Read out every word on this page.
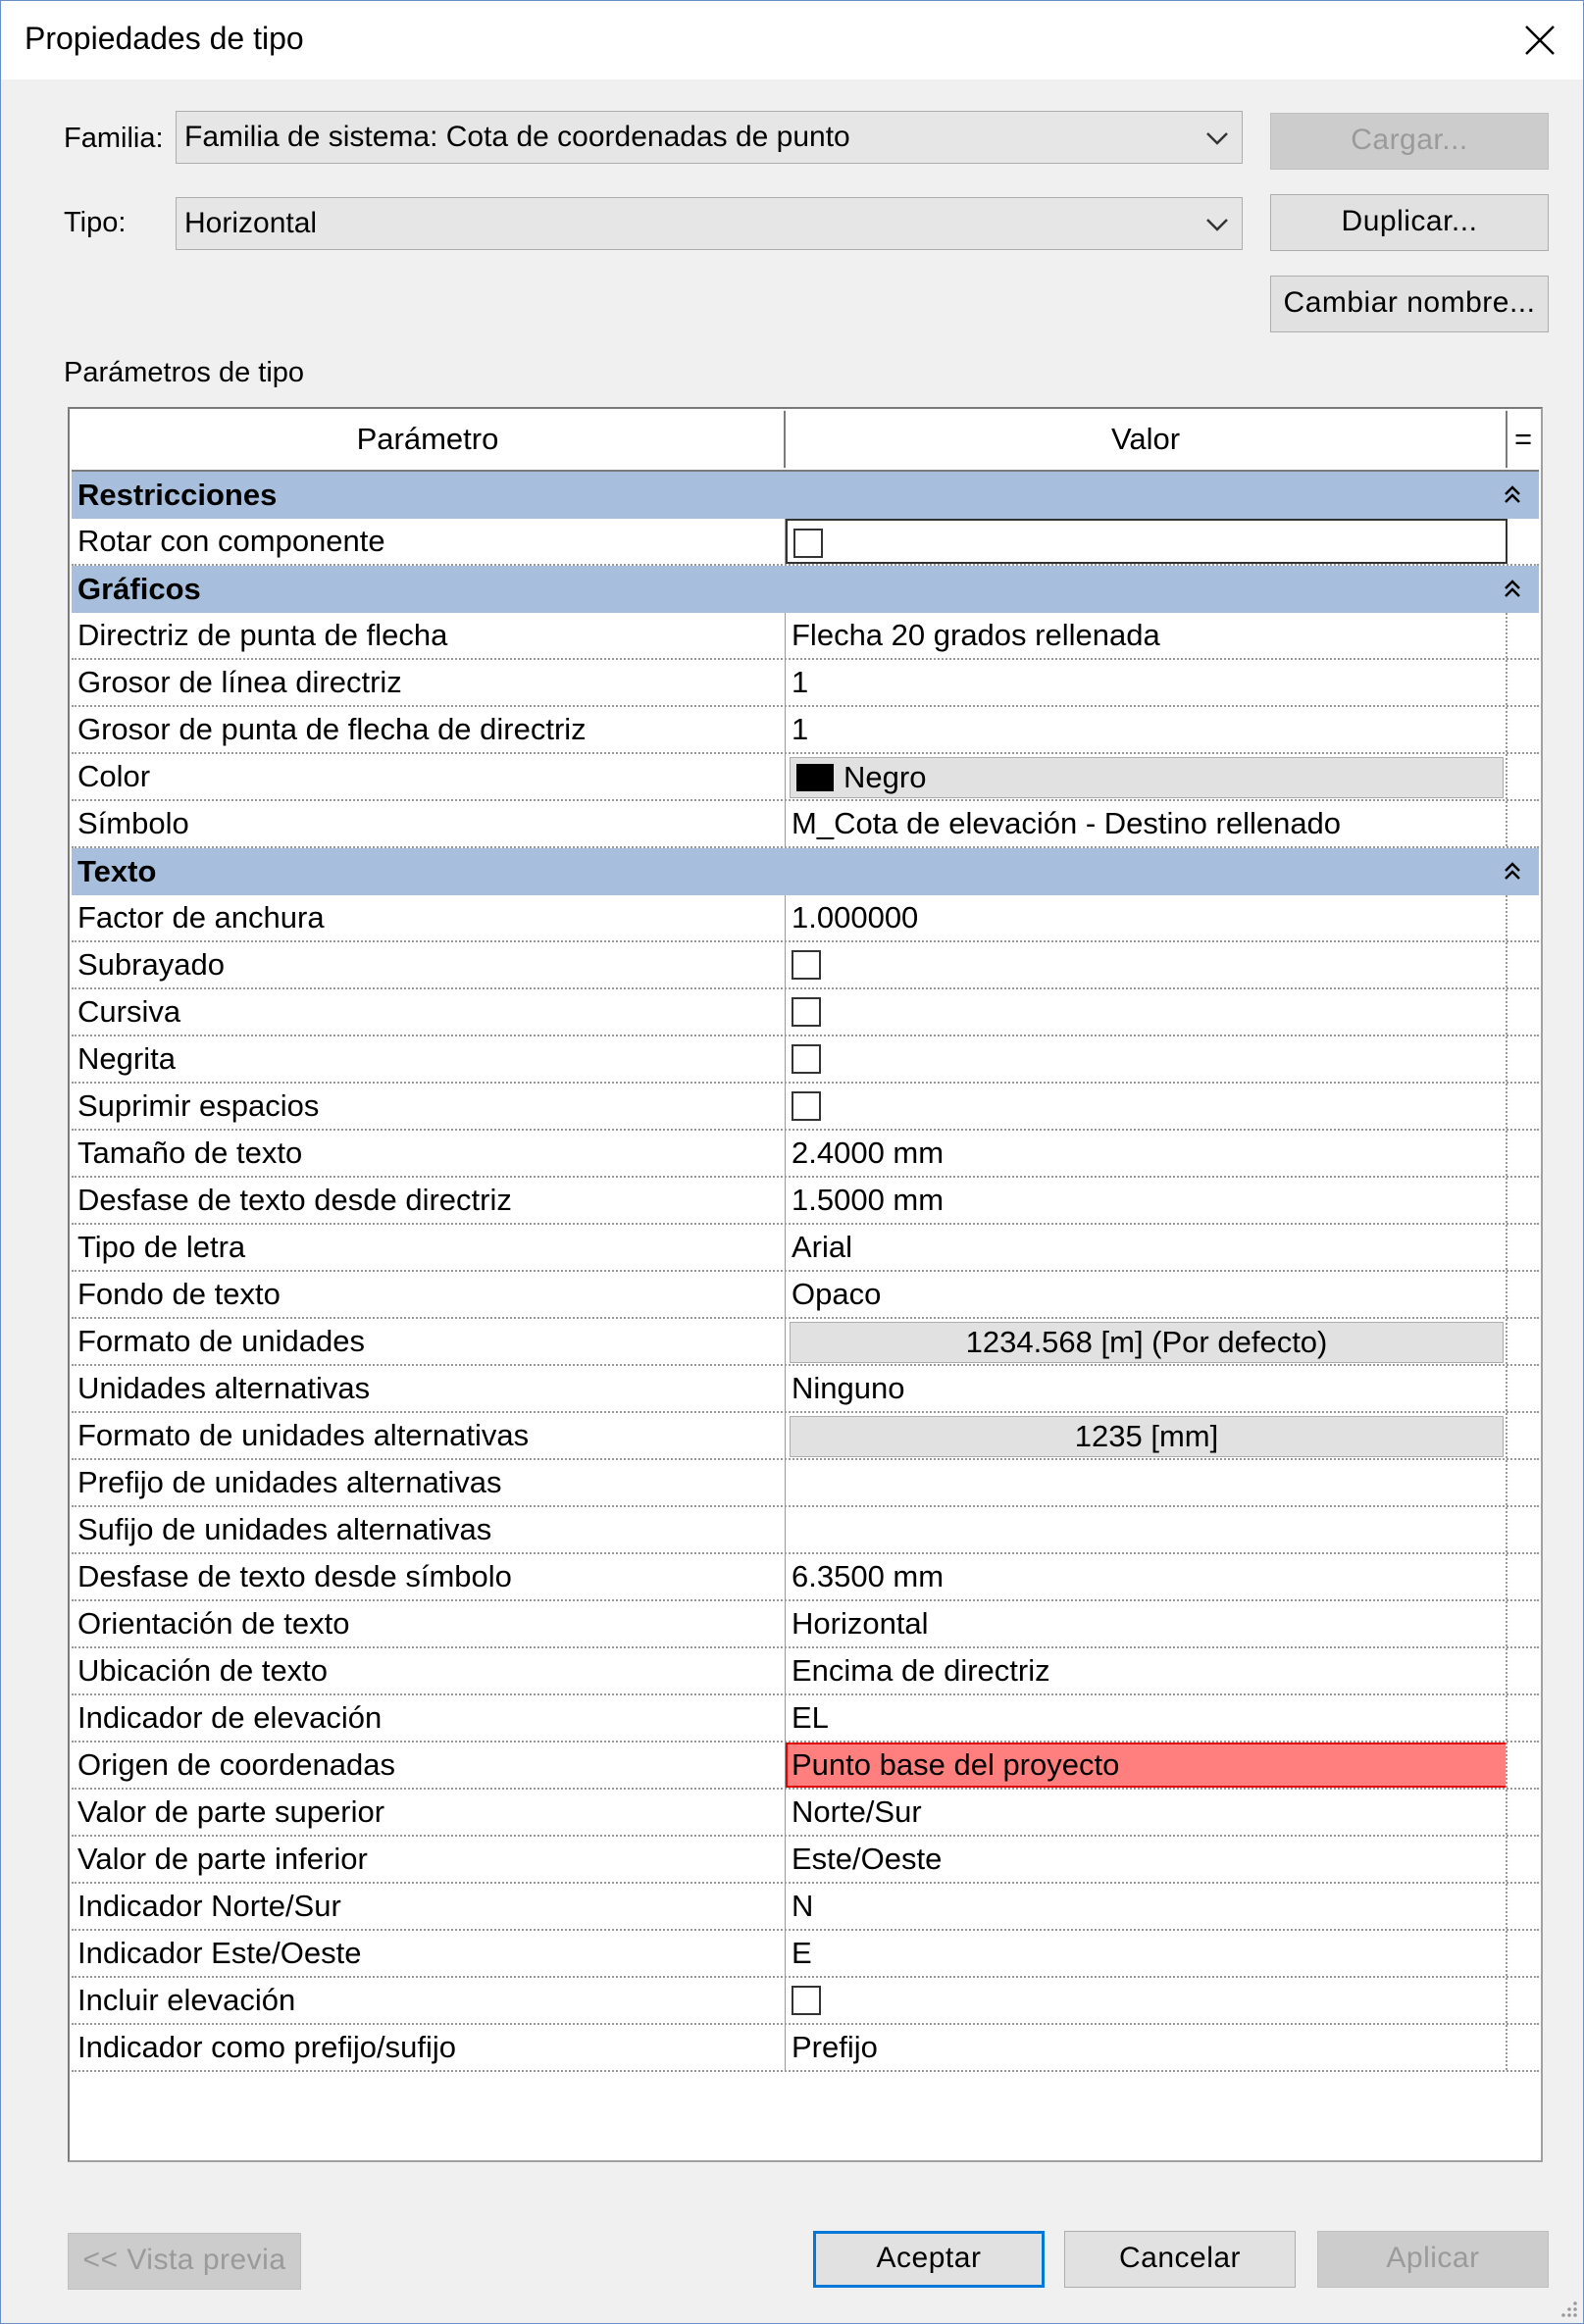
Propiedades de tipo
Familia: Familia de sistema: Cota de coordenadas de punto	Cargar...
Tipo: Horizontal	Duplicar...
Cambiar nombre...
Parámetros de tipo
Parámetro	Valor	=
Restricciones
Rotar con componente
Gráficos
Directriz de punta de flecha	Flecha 20 grados rellenada
Grosor de línea directriz	1
Grosor de punta de flecha de directriz	1
Color	Negro
Símbolo	M_Cota de elevación - Destino rellenado
Texto
Factor de anchura	1.000000
Subrayado
Cursiva
Negrita
Suprimir espacios
Tamaño de texto	2.4000 mm
Desfase de texto desde directriz	1.5000 mm
Tipo de letra	Arial
Fondo de texto	Opaco
Formato de unidades	1234.568 [m] (Por defecto)
Unidades alternativas	Ninguno
Formato de unidades alternativas	1235 [mm]
Prefijo de unidades alternativas
Sufijo de unidades alternativas
Desfase de texto desde símbolo	6.3500 mm
Orientación de texto	Horizontal
Ubicación de texto	Encima de directriz
Indicador de elevación	EL
Origen de coordenadas	Punto base del proyecto
Valor de parte superior	Norte/Sur
Valor de parte inferior	Este/Oeste
Indicador Norte/Sur	N
Indicador Este/Oeste	E
Incluir elevación
Indicador como prefijo/sufijo	Prefijo
<< Vista previa	Aceptar	Cancelar	Aplicar
